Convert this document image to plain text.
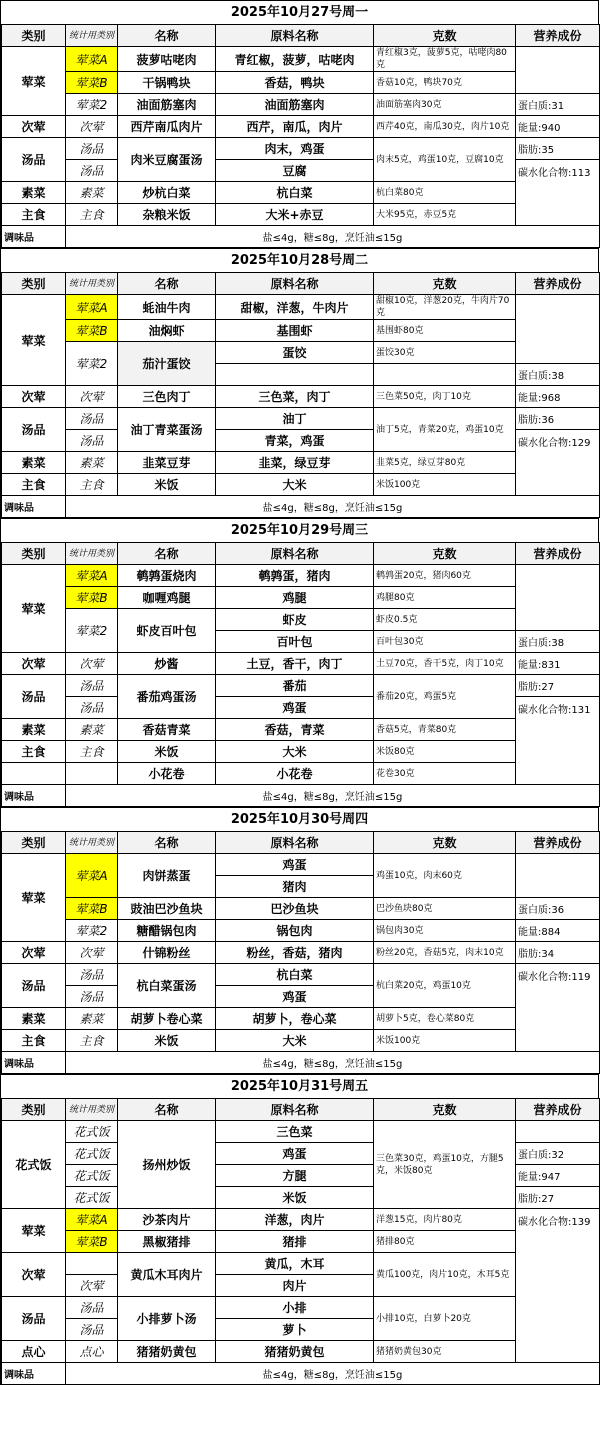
2025年10月27号周一
类别	统计用类别	名称	原料名称	克数	营养成份
荤菜	荤菜A	菠萝咕咾肉	青红椒，菠萝，咕咾肉	青红椒3克，菠萝5克，咕咾肉80克	
	荤菜B	干锅鸭块	香菇，鸭块	香菇10克，鸭块70克	
	荤菜2	油面筋塞肉	油面筋塞肉	油面筋塞肉30克	蛋白质:31
次荤	次荤	西芹南瓜肉片	西芹，南瓜，肉片	西芹40克，南瓜30克，肉片10克	能量:940
汤品	汤品	肉米豆腐蛋汤	肉末，鸡蛋	肉末5克，鸡蛋10克，豆腐10克	脂肪:35
	汤品		豆腐		碳水化合物:113
素菜	素菜	炒杭白菜	杭白菜	杭白菜80克	
主食	主食	杂粮米饭	大米+赤豆	大米95克，赤豆5克	
调味品	盐≤4g，糖≤8g，烹饪油≤15g				
2025年10月28号周二
类别	统计用类别	名称	原料名称	克数	营养成份
荤菜	荤菜A	蚝油牛肉	甜椒，洋葱，牛肉片	甜椒10克，洋葱20克，牛肉片70克	
	荤菜B	油焖虾	基围虾	基围虾80克	
	荤菜2	茄汁蛋饺	蛋饺	蛋饺30克	
					蛋白质:38
次荤	次荤	三色肉丁	三色菜，肉丁	三色菜50克，肉丁10克	能量:968
汤品	汤品	油丁青菜蛋汤	油丁	油丁5克，青菜20克，鸡蛋10克	脂肪:36
	汤品		青菜，鸡蛋		碳水化合物:129
素菜	素菜	韭菜豆芽	韭菜，绿豆芽	韭菜5克，绿豆芽80克	
主食	主食	米饭	大米	米饭100克	
调味品	盐≤4g，糖≤8g，烹饪油≤15g				
2025年10月29号周三
类别	统计用类别	名称	原料名称	克数	营养成份
荤菜	荤菜A	鹌鹑蛋烧肉	鹌鹑蛋，猪肉	鹌鹑蛋20克，猪肉60克	
	荤菜B	咖喱鸡腿	鸡腿	鸡腿80克	
	荤菜2	虾皮百叶包	虾皮	虾皮0.5克	
			百叶包	百叶包30克	蛋白质:38
次荤	次荤	炒酱	土豆，香干，肉丁	土豆70克，香干5克，肉丁10克	能量:831
汤品	汤品	番茄鸡蛋汤	番茄	番茄20克，鸡蛋5克	脂肪:27
	汤品		鸡蛋		碳水化合物:131
素菜	素菜	香菇青菜	香菇，青菜	香菇5克，青菜80克	
主食	主食	米饭	大米	米饭80克	
		小花卷	小花卷	花卷30克	
调味品	盐≤4g，糖≤8g，烹饪油≤15g				
2025年10月30号周四
类别	统计用类别	名称	原料名称	克数	营养成份
荤菜	荤菜A	肉饼蒸蛋	鸡蛋	鸡蛋10克，肉末60克	
			猪肉		
	荤菜B	豉油巴沙鱼块	巴沙鱼块	巴沙鱼块80克	蛋白质:36
	荤菜2	糖醋锅包肉	锅包肉	锅包肉30克	能量:884
次荤	次荤	什锦粉丝	粉丝，香菇，猪肉	粉丝20克，香菇5克，肉末10克	脂肪:34
汤品	汤品	杭白菜蛋汤	杭白菜	杭白菜20克，鸡蛋10克	碳水化合物:119
	汤品		鸡蛋		
素菜	素菜	胡萝卜卷心菜	胡萝卜，卷心菜	胡萝卜5克，卷心菜80克	
主食	主食	米饭	大米	米饭100克	
调味品	盐≤4g，糖≤8g，烹饪油≤15g				
2025年10月31号周五
类别	统计用类别	名称	原料名称	克数	营养成份
花式饭	花式饭	扬州炒饭	三色菜	三色菜30克，鸡蛋10克，方腿5克，米饭80克	
	花式饭		鸡蛋		蛋白质:32
	花式饭		方腿		能量:947
	花式饭		米饭		脂肪:27
荤菜	荤菜A	沙茶肉片	洋葱，肉片	洋葱15克，肉片80克	碳水化合物:139
	荤菜B	黑椒猪排	猪排	猪排80克	
次荤		黄瓜木耳肉片	黄瓜，木耳	黄瓜100克，肉片10克，木耳5克	
	次荤		肉片		
汤品	汤品	小排萝卜汤	小排	小排10克，白萝卜20克	
	汤品		萝卜		
点心	点心	猪猪奶黄包	猪猪奶黄包	猪猪奶黄包30克	
调味品	盐≤4g，糖≤8g，烹饪油≤15g				
